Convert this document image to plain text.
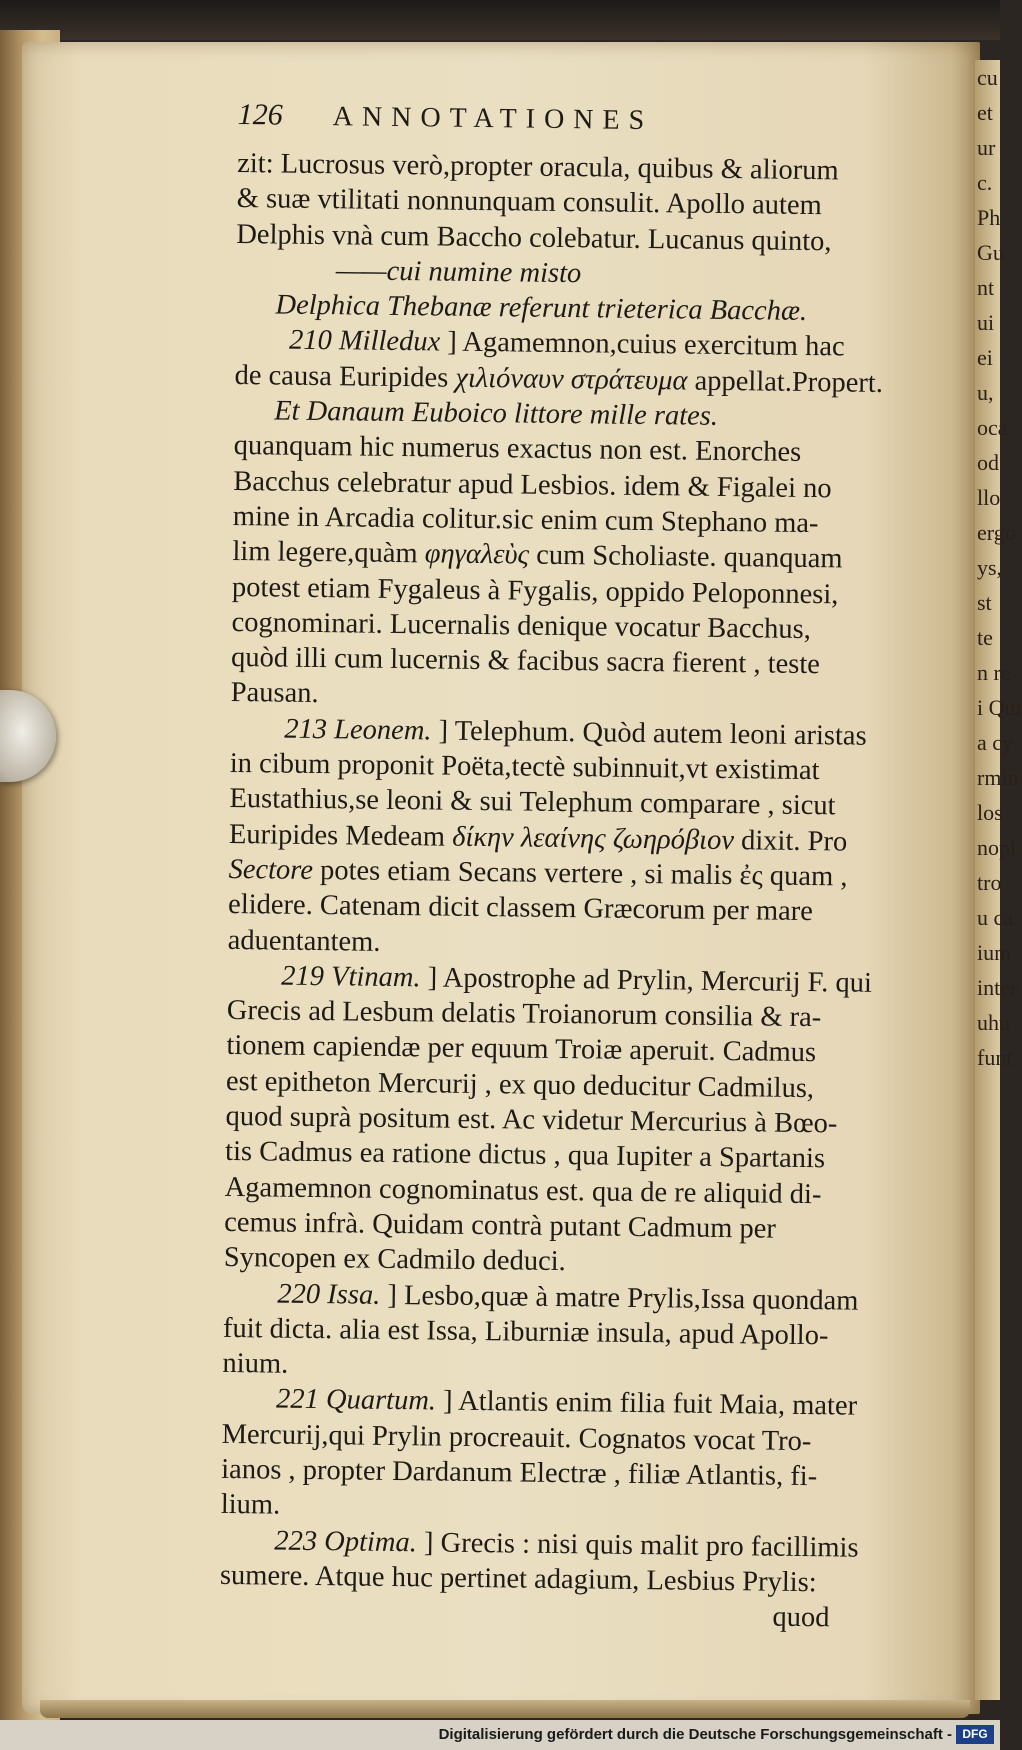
cu
et
ur
c.
Ph
Gu
nt
ui
ei
u,
oca
od
llo
ergo
ys,
st
te
n re
i Qui
a cy
rmin
los
nopl
tro
u ca
ium
inter
uhu
funt
126 ANNOTATIONES
zit: Lucrosus verò,propter oracula, quibus & aliorum
& suæ vtilitati nonnunquam consulit. Apollo autem
Delphis vnà cum Baccho colebatur. Lucanus quinto,
——cui numine misto
Delphica Thebanæ referunt trieterica Bacchæ.
210 Milledux ] Agamemnon,cuius exercitum hac
de causa Euripides χιλιόναυν στράτευμα appellat.Propert.
Et Danaum Euboico littore mille rates.
quanquam hic numerus exactus non est. Enorches
Bacchus celebratur apud Lesbios. idem & Figalei no
mine in Arcadia colitur.sic enim cum Stephano ma-
lim legere,quàm φηγαλεὺς cum Scholiaste. quanquam
potest etiam Fygaleus à Fygalis, oppido Peloponnesi,
cognominari. Lucernalis denique vocatur Bacchus,
quòd illi cum lucernis & facibus sacra fierent , teste
Pausan.
213 Leonem. ] Telephum. Quòd autem leoni aristas
in cibum proponit Poëta,tectè subinnuit,vt existimat
Eustathius,se leoni & sui Telephum comparare , sicut
Euripides Medeam δίκην λεαίνης ζωηρόβιον dixit. Pro
Sectore potes etiam Secans vertere , si malis ἐς quam ,
elidere. Catenam dicit classem Græcorum per mare
aduentantem.
219 Vtinam. ] Apostrophe ad Prylin, Mercurij F. qui
Grecis ad Lesbum delatis Troianorum consilia & ra-
tionem capiendæ per equum Troiæ aperuit. Cadmus
est epitheton Mercurij , ex quo deducitur Cadmilus,
quod suprà positum est. Ac videtur Mercurius à Bœo-
tis Cadmus ea ratione dictus , qua Iupiter a Spartanis
Agamemnon cognominatus est. qua de re aliquid di-
cemus infrà. Quidam contrà putant Cadmum per
Syncopen ex Cadmilo deduci.
220 Issa. ] Lesbo,quæ à matre Prylis,Issa quondam
fuit dicta. alia est Issa, Liburniæ insula, apud Apollo-
nium.
221 Quartum. ] Atlantis enim filia fuit Maia, mater
Mercurij,qui Prylin procreauit. Cognatos vocat Tro-
ianos , propter Dardanum Electræ , filiæ Atlantis, fi-
lium.
223 Optima. ] Grecis : nisi quis malit pro facillimis
sumere. Atque huc pertinet adagium, Lesbius Prylis:
quod
Digitalisierung gefördert durch die Deutsche Forschungsgemeinschaft - DFG
